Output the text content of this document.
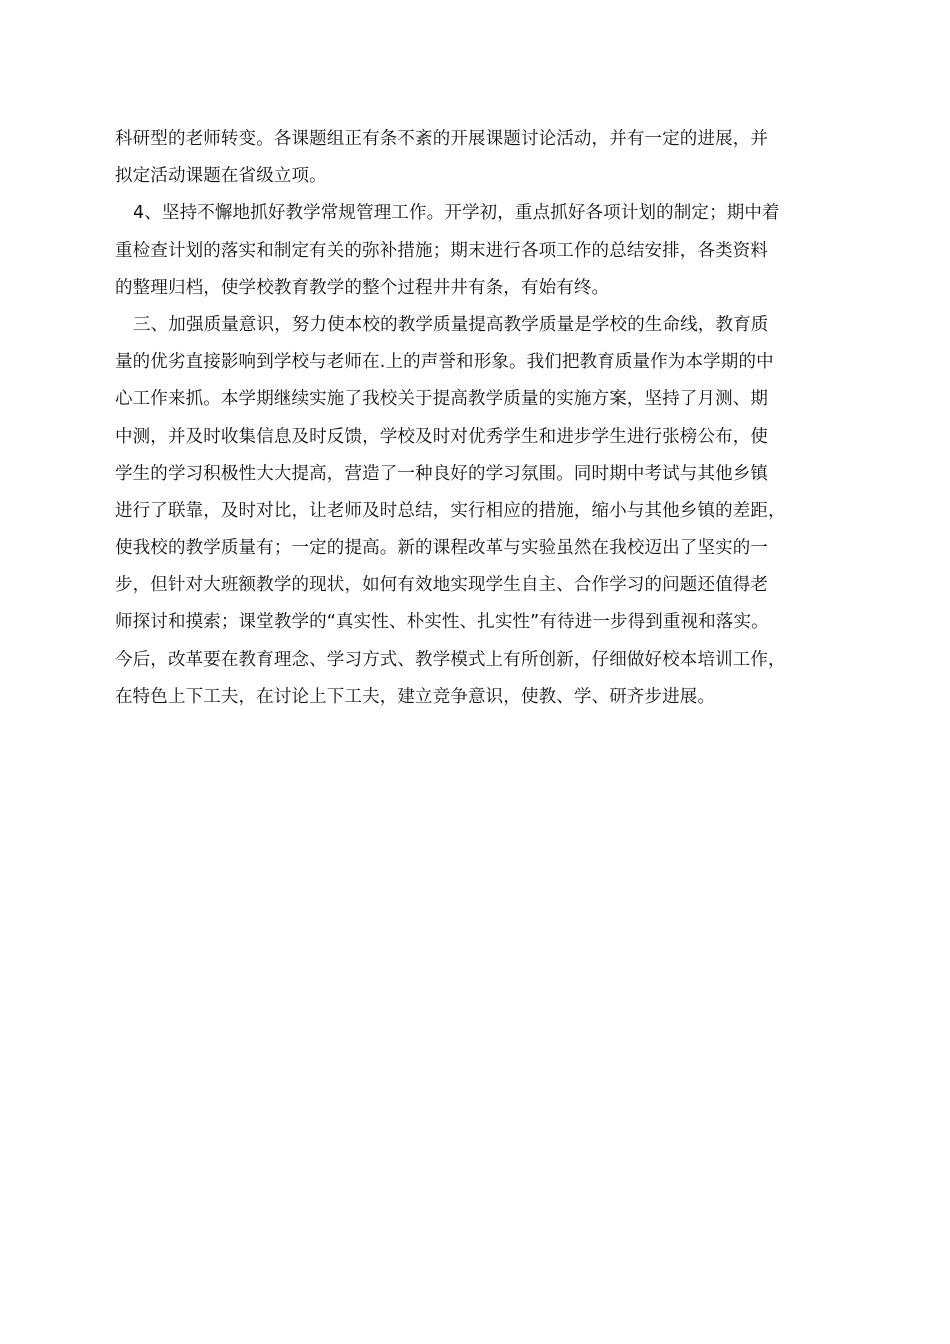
科研型的老师转变。各课题组正有条不紊的开展课题讨论活动，并有一定的进展，并
拟定活动课题在省级立项。
4、坚持不懈地抓好教学常规管理工作。开学初，重点抓好各项计划的制定；期中着
重检查计划的落实和制定有关的弥补措施；期末进行各项工作的总结安排，各类资料
的整理归档，使学校教育教学的整个过程井井有条，有始有终。
三、加强质量意识，努力使本校的教学质量提高教学质量是学校的生命线，教育质
量的优劣直接影响到学校与老师在.上的声誉和形象。我们把教育质量作为本学期的中
心工作来抓。本学期继续实施了我校关于提高教学质量的实施方案，坚持了月测、期
中测，并及时收集信息及时反馈，学校及时对优秀学生和进步学生进行张榜公布，使
学生的学习积极性大大提高，营造了一种良好的学习氛围。同时期中考试与其他乡镇
进行了联靠，及时对比，让老师及时总结，实行相应的措施，缩小与其他乡镇的差距，
使我校的教学质量有；一定的提高。新的课程改革与实验虽然在我校迈出了坚实的一
步，但针对大班额教学的现状，如何有效地实现学生自主、合作学习的问题还值得老
师探讨和摸索；课堂教学的“真实性、朴实性、扎实性”有待进一步得到重视和落实。
今后，改革要在教育理念、学习方式、教学模式上有所创新，仔细做好校本培训工作，
在特色上下工夫，在讨论上下工夫，建立竞争意识，使教、学、研齐步进展。
